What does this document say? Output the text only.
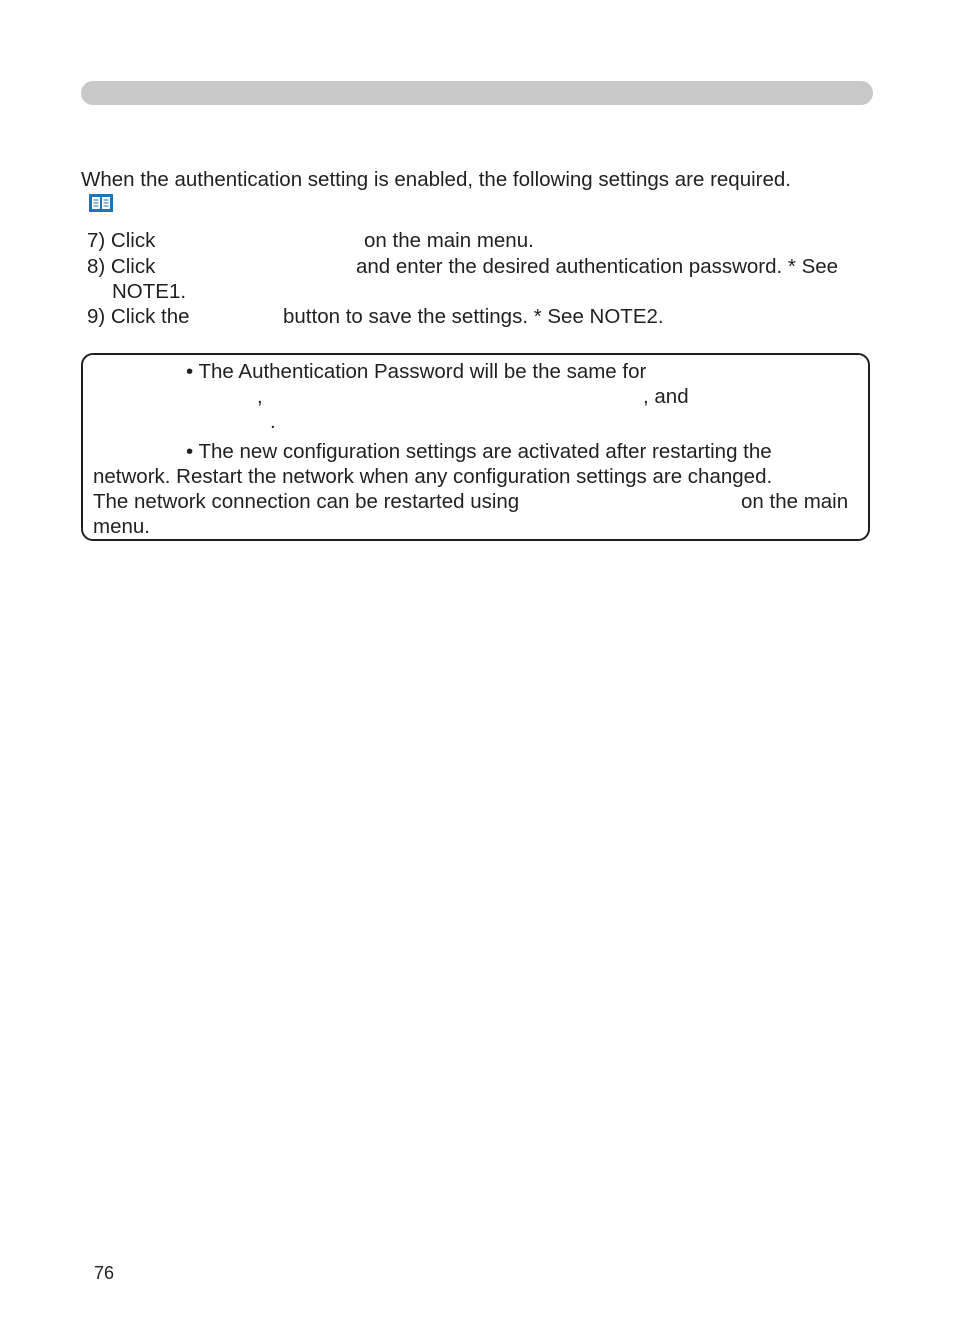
When the authentication setting is enabled, the following settings are required.
7) Click	on the main menu.
8) Click	and enter the desired authentication password. * See
NOTE1.
9) Click the	button to save the settings. * See NOTE2.
• The Authentication Password will be the same for
,	, and
.
• The new configuration settings are activated after restarting the
network. Restart the network when any configuration settings are changed.
The network connection can be restarted using	on the main
menu.
76
